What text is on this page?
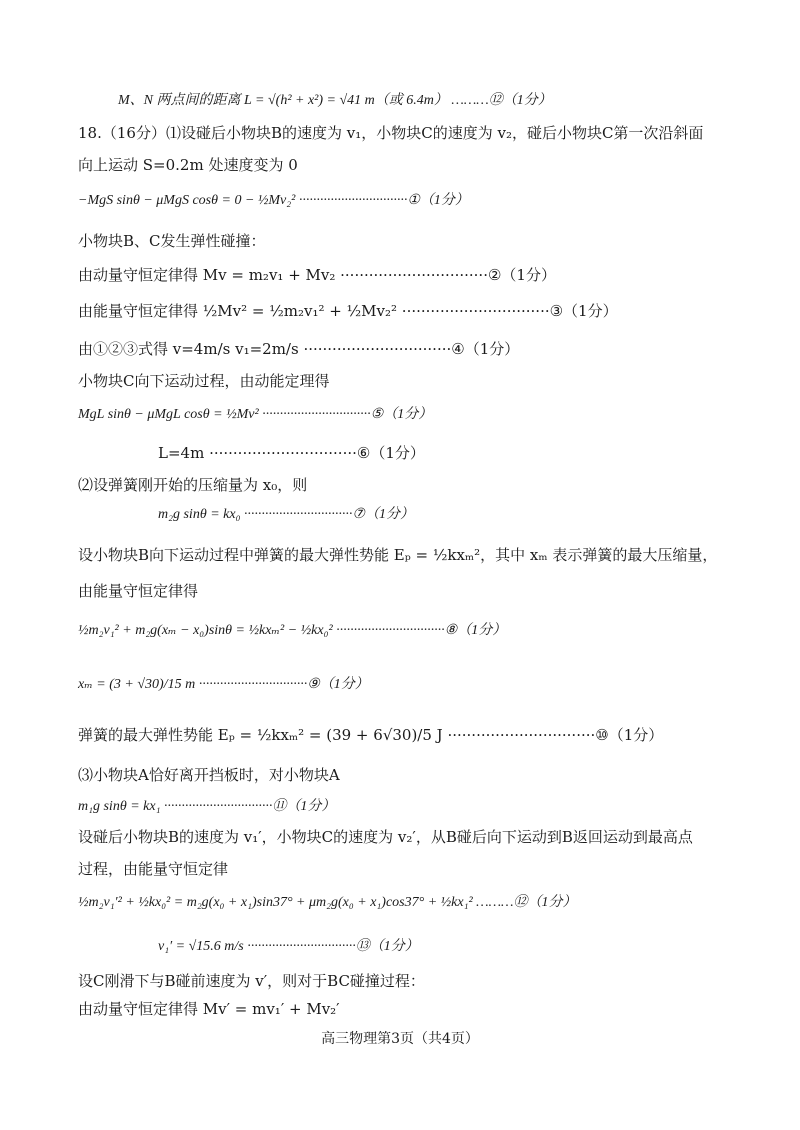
M、N 两点间的距离 L = √(h² + x²) = √41 m（或 6.4m） ………⑫（1分）
18.（16分）⑴设碰后小物块B的速度为 v₁，小物块C的速度为 v₂，碰后小物块C第一次沿斜面
向上运动 S=0.2m 处速度变为 0
−MgS sinθ − μMgS cosθ = 0 − ½Mv₂² ·······························①（1分）
小物块B、C发生弹性碰撞：
由动量守恒定律得 Mv = m₂v₁ + Mv₂ ·······························②（1分）
由能量守恒定律得 ½Mv² = ½m₂v₁² + ½Mv₂² ·······························③（1分）
由①②③式得 v=4m/s v₁=2m/s ·······························④（1分）
小物块C向下运动过程，由动能定理得
MgL sinθ − μMgL cosθ = ½Mv² ·······························⑤（1分）
L=4m ·······························⑥（1分）
⑵设弹簧刚开始的压缩量为 x₀，则
m₂g sinθ = kx₀ ·······························⑦（1分）
设小物块B向下运动过程中弹簧的最大弹性势能 Eₚ = ½kxₘ²，其中 xₘ 表示弹簧的最大压缩量，
由能量守恒定律得
½m₂v₁² + m₂g(xₘ − x₀)sinθ = ½kxₘ² − ½kx₀² ·······························⑧（1分）
xₘ = (3 + √30)/15 m ·······························⑨（1分）
弹簧的最大弹性势能 Eₚ = ½kxₘ² = (39 + 6√30)/5 J ·······························⑩（1分）
⑶小物块A恰好离开挡板时，对小物块A
m₁g sinθ = kx₁ ·······························⑪（1分）
设碰后小物块B的速度为 v₁′，小物块C的速度为 v₂′，从B碰后向下运动到B返回运动到最高点
过程，由能量守恒定律
½m₂v₁′² + ½kx₀² = m₂g(x₀ + x₁)sin37° + μm₂g(x₀ + x₁)cos37° + ½kx₁² ………⑫（1分）
v₁′ = √15.6 m/s ·······························⑬（1分）
设C刚滑下与B碰前速度为 v′，则对于BC碰撞过程：
由动量守恒定律得 Mv′ = mv₁′ + Mv₂′
高三物理第3页（共4页）
